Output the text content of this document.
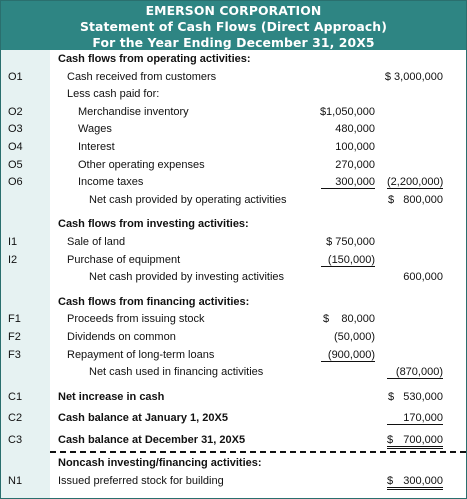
EMERSON CORPORATION
Statement of Cash Flows (Direct Approach)
For the Year Ending December 31, 20X5
Cash flows from operating activities:
O1	Cash received from customers	$ 3,000,000
Less cash paid for:
O2	Merchandise inventory	$1,050,000
O3	Wages	480,000
O4	Interest	100,000
O5	Other operating expenses	270,000
O6	Income taxes	300,000 (2,200,000)
Net cash provided by operating activities	$ 800,000
Cash flows from investing activities:
I1	Sale of land	$ 750,000
I2	Purchase of equipment	(150,000)
Net cash provided by investing activities	600,000
Cash flows from financing activities:
F1	Proceeds from issuing stock	$ 80,000
F2	Dividends on common	(50,000)
F3	Repayment of long-term loans	(900,000)
Net cash used in financing activities	(870,000)
C1	Net increase in cash	$ 530,000
C2	Cash balance at January 1, 20X5	170,000
C3	Cash balance at December 31, 20X5	$ 700,000
Noncash investing/financing activities:
N1	Issued preferred stock for building	$ 300,000
